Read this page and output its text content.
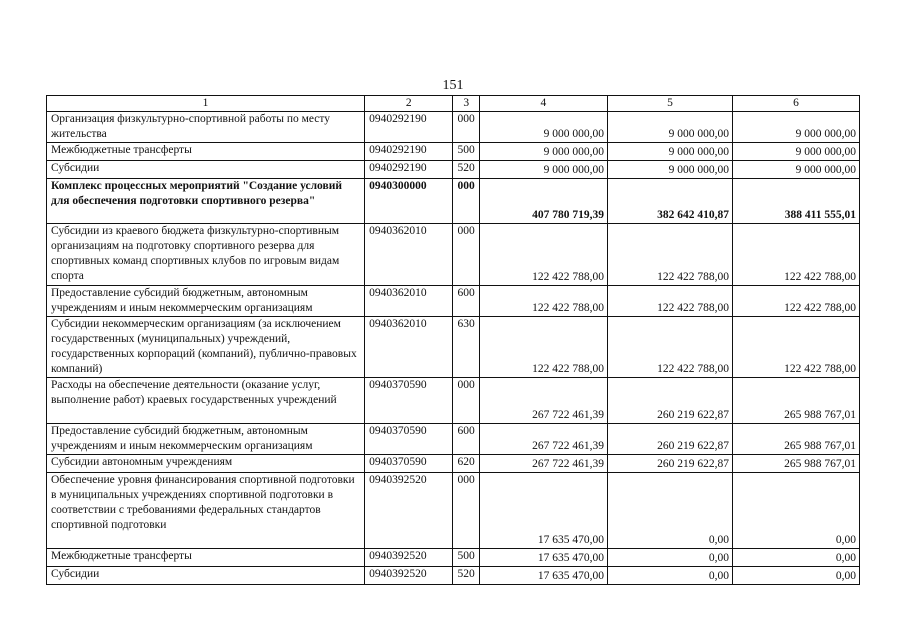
151
1	2	3	4	5	6
Организация физкультурно-спортивной работы по месту жительства	0940292190	000	9 000 000,00	9 000 000,00	9 000 000,00
Межбюджетные трансферты	0940292190	500	9 000 000,00	9 000 000,00	9 000 000,00
Субсидии	0940292190	520	9 000 000,00	9 000 000,00	9 000 000,00
Комплекс процессных мероприятий "Создание условий для обеспечения подготовки спортивного резерва"	0940300000	000	407 780 719,39	382 642 410,87	388 411 555,01
Субсидии из краевого бюджета физкультурно-спортивным организациям на подготовку спортивного резерва для спортивных команд спортивных клубов по игровым видам спорта	0940362010	000	122 422 788,00	122 422 788,00	122 422 788,00
Предоставление субсидий бюджетным, автономным учреждениям и иным некоммерческим организациям	0940362010	600	122 422 788,00	122 422 788,00	122 422 788,00
Субсидии некоммерческим организациям (за исключением государственных (муниципальных) учреждений, государственных корпораций (компаний), публично-правовых компаний)	0940362010	630	122 422 788,00	122 422 788,00	122 422 788,00
Расходы на обеспечение деятельности (оказание услуг, выполнение работ) краевых государственных учреждений	0940370590	000	267 722 461,39	260 219 622,87	265 988 767,01
Предоставление субсидий бюджетным, автономным учреждениям и иным некоммерческим организациям	0940370590	600	267 722 461,39	260 219 622,87	265 988 767,01
Субсидии автономным учреждениям	0940370590	620	267 722 461,39	260 219 622,87	265 988 767,01
Обеспечение уровня финансирования спортивной подготовки в муниципальных учреждениях спортивной подготовки в соответствии с требованиями федеральных стандартов спортивной подготовки	0940392520	000	17 635 470,00	0,00	0,00
Межбюджетные трансферты	0940392520	500	17 635 470,00	0,00	0,00
Субсидии	0940392520	520	17 635 470,00	0,00	0,00
